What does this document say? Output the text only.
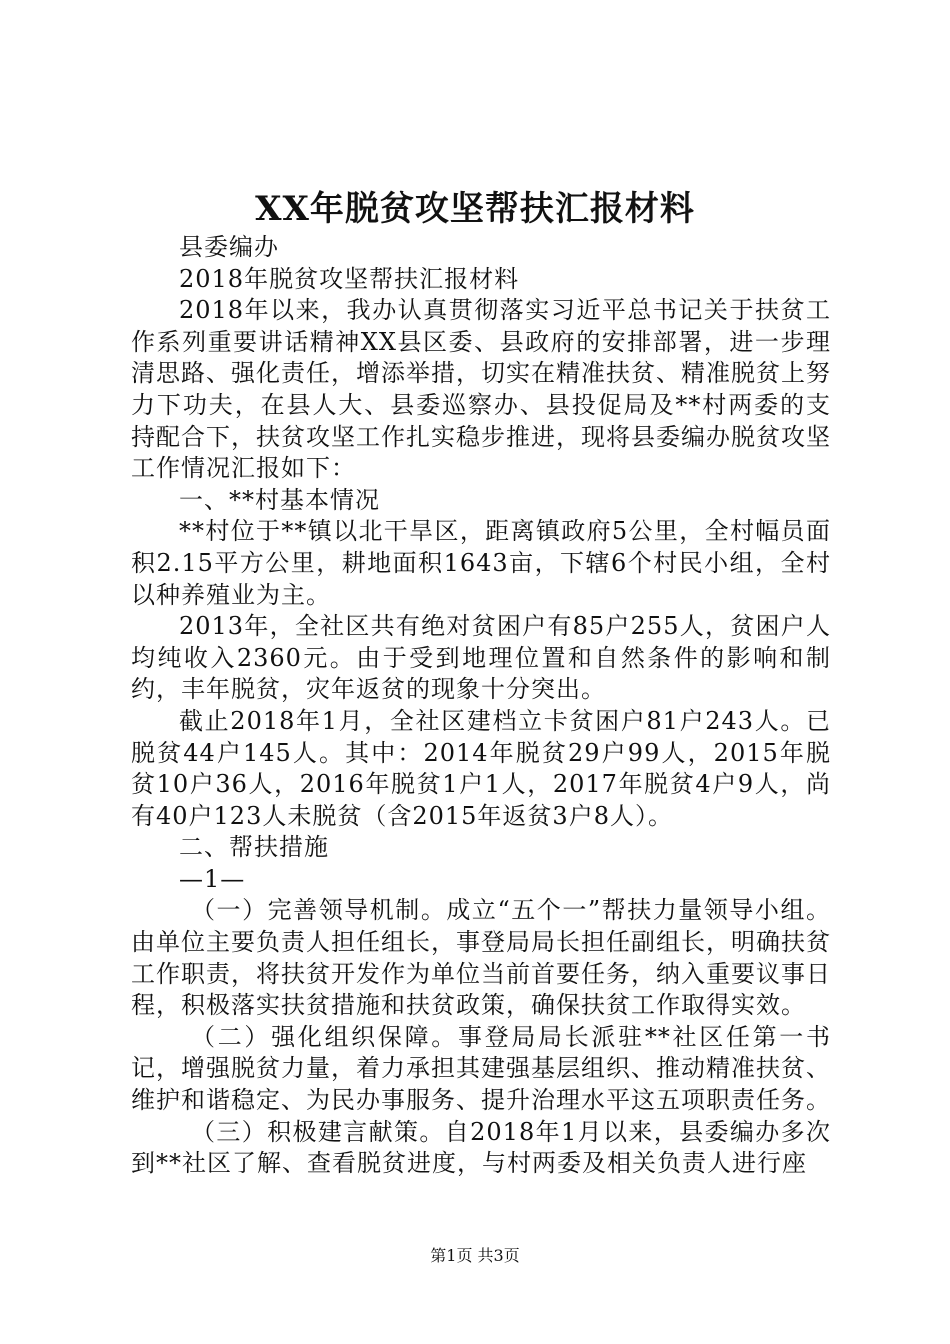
XX年脱贫攻坚帮扶汇报材料

县委编办

2018年脱贫攻坚帮扶汇报材料

2018年以来，我办认真贯彻落实习近平总书记关于扶贫工作系列重要讲话精神XX县区委、县政府的安排部署，进一步理清思路、强化责任，增添举措，切实在精准扶贫、精准脱贫上努力下功夫，在县人大、县委巡察办、县投促局及**村两委的支持配合下，扶贫攻坚工作扎实稳步推进，现将县委编办脱贫攻坚工作情况汇报如下：

一、**村基本情况

**村位于**镇以北干旱区，距离镇政府5公里，全村幅员面积2.15平方公里，耕地面积1643亩，下辖6个村民小组，全村以种养殖业为主。

2013年，全社区共有绝对贫困户有85户255人，贫困户人均纯收入2360元。由于受到地理位置和自然条件的影响和制约，丰年脱贫，灾年返贫的现象十分突出。

截止2018年1月，全社区建档立卡贫困户81户243人。已脱贫44户145人。其中：2014年脱贫29户99人，2015年脱贫10户36人，2016年脱贫1户1人，2017年脱贫4户9人，尚有40户123人未脱贫（含2015年返贫3户8人）。

二、帮扶措施

—1—

（一）完善领导机制。成立“五个一”帮扶力量领导小组。由单位主要负责人担任组长，事登局局长担任副组长，明确扶贫工作职责，将扶贫开发作为单位当前首要任务，纳入重要议事日程，积极落实扶贫措施和扶贫政策，确保扶贫工作取得实效。

（二）强化组织保障。事登局局长派驻**社区任第一书记，增强脱贫力量，着力承担其建强基层组织、推动精准扶贫、维护和谐稳定、为民办事服务、提升治理水平这五项职责任务。

（三）积极建言献策。自2018年1月以来，县委编办多次到**社区了解、查看脱贫进度，与村两委及相关负责人进行座

第1页 共3页
